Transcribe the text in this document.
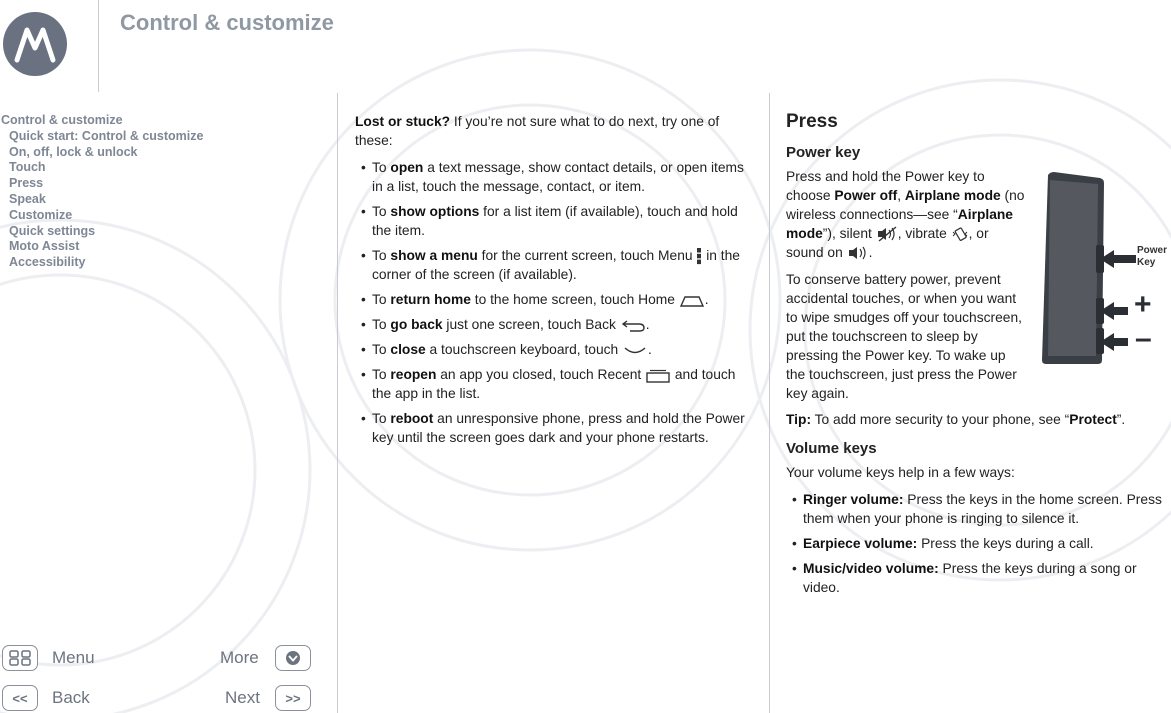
Control & customize
Control & customize
Quick start: Control & customize
On, off, lock & unlock
Touch
Press
Speak
Customize
Quick settings
Moto Assist
Accessibility
Menu	More
<<	Back	Next	>>

Lost or stuck? If you’re not sure what to do next, try one of these:

• To open a text message, show contact details, or open items in a list, touch the message, contact, or item.
• To show options for a list item (if available), touch and hold the item.
• To show a menu for the current screen, touch Menu  in the corner of the screen (if available).
• To return home to the home screen, touch Home .
• To go back just one screen, touch Back .
• To close a touchscreen keyboard, touch .
• To reopen an app you closed, touch Recent  and touch the app in the list.
• To reboot an unresponsive phone, press and hold the Power key until the screen goes dark and your phone restarts.
Press
Power key

Press and hold the Power key to choose Power off, Airplane mode (no wireless connections—see “Airplane mode”), silent , vibrate , or sound on .

To conserve battery power, prevent accidental touches, or when you want to wipe smudges off your touchscreen, put the touchscreen to sleep by pressing the Power key. To wake up the touchscreen, just press the Power key again.

Tip: To add more security to your phone, see “Protect”.

Volume keys

Your volume keys help in a few ways:

• Ringer volume: Press the keys in the home screen. Press them when your phone is ringing to silence it.
• Earpiece volume: Press the keys during a call.
• Music/video volume: Press the keys during a song or video.
Power
Key
+
–
